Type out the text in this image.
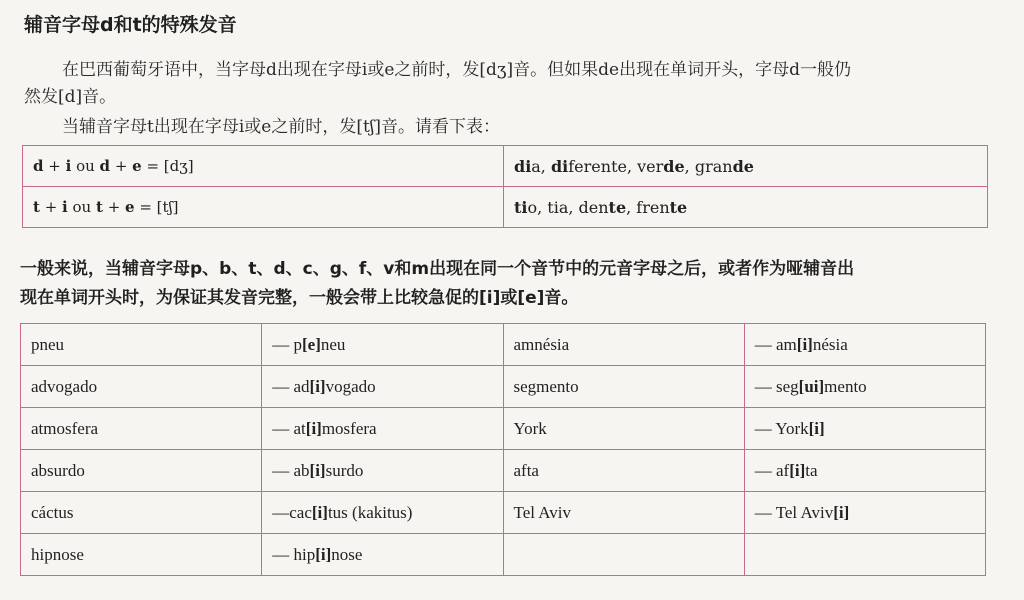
辅音字母d和t的特殊发音
在巴西葡萄牙语中，当字母d出现在字母i或e之前时，发[dʒ]音。但如果de出现在单词开头，字母d一般仍
然发[d]音。
当辅音字母t出现在字母i或e之前时，发[tʃ]音。请看下表：
d + i ou d + e = [dʒ]	dia, diferente, verde, grande
t + i ou t + e = [tʃ]	tio, tia, dente, frente
一般来说，当辅音字母p、b、t、d、c、g、f、v和m出现在同一个音节中的元音字母之后，或者作为哑辅音出
现在单词开头时，为保证其发音完整，一般会带上比较急促的[i]或[e]音。
pneu	— p[e]neu	amnésia	— am[i]nésia
advogado	— ad[i]vogado	segmento	— seg[ui]mento
atmosfera	— at[i]mosfera	York	— York[i]
absurdo	— ab[i]surdo	afta	— af[i]ta
cáctus	—cac[i]tus (kakitus)	Tel Aviv	— Tel Aviv[i]
hipnose	— hip[i]nose		
